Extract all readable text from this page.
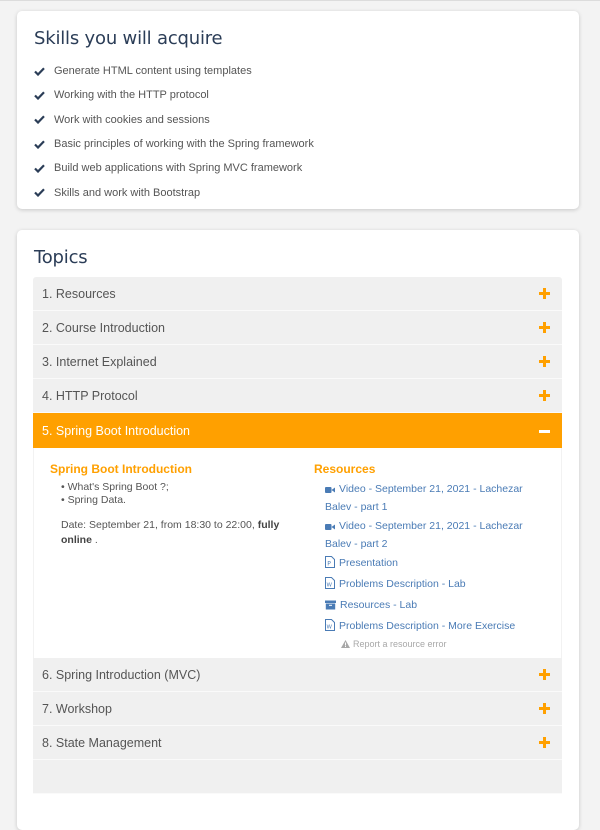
Skills you will acquire
Generate HTML content using templates
Working with the HTTP protocol
Work with cookies and sessions
Basic principles of working with the Spring framework
Build web applications with Spring MVC framework
Skills and work with Bootstrap
Topics
1. Resources
2. Course Introduction
3. Internet Explained
4. HTTP Protocol
5. Spring Boot Introduction
Spring Boot Introduction
• What's Spring Boot ?;
• Spring Data.
Date: September 21, from 18:30 to 22:00, fully online .
Resources
Video - September 21, 2021 - Lachezar Balev - part 1
Video - September 21, 2021 - Lachezar Balev - part 2
P Presentation
W Problems Description - Lab
Resources - Lab
W Problems Description - More Exercise
Report a resource error
6. Spring Introduction (MVC)
7. Workshop
8. State Management
